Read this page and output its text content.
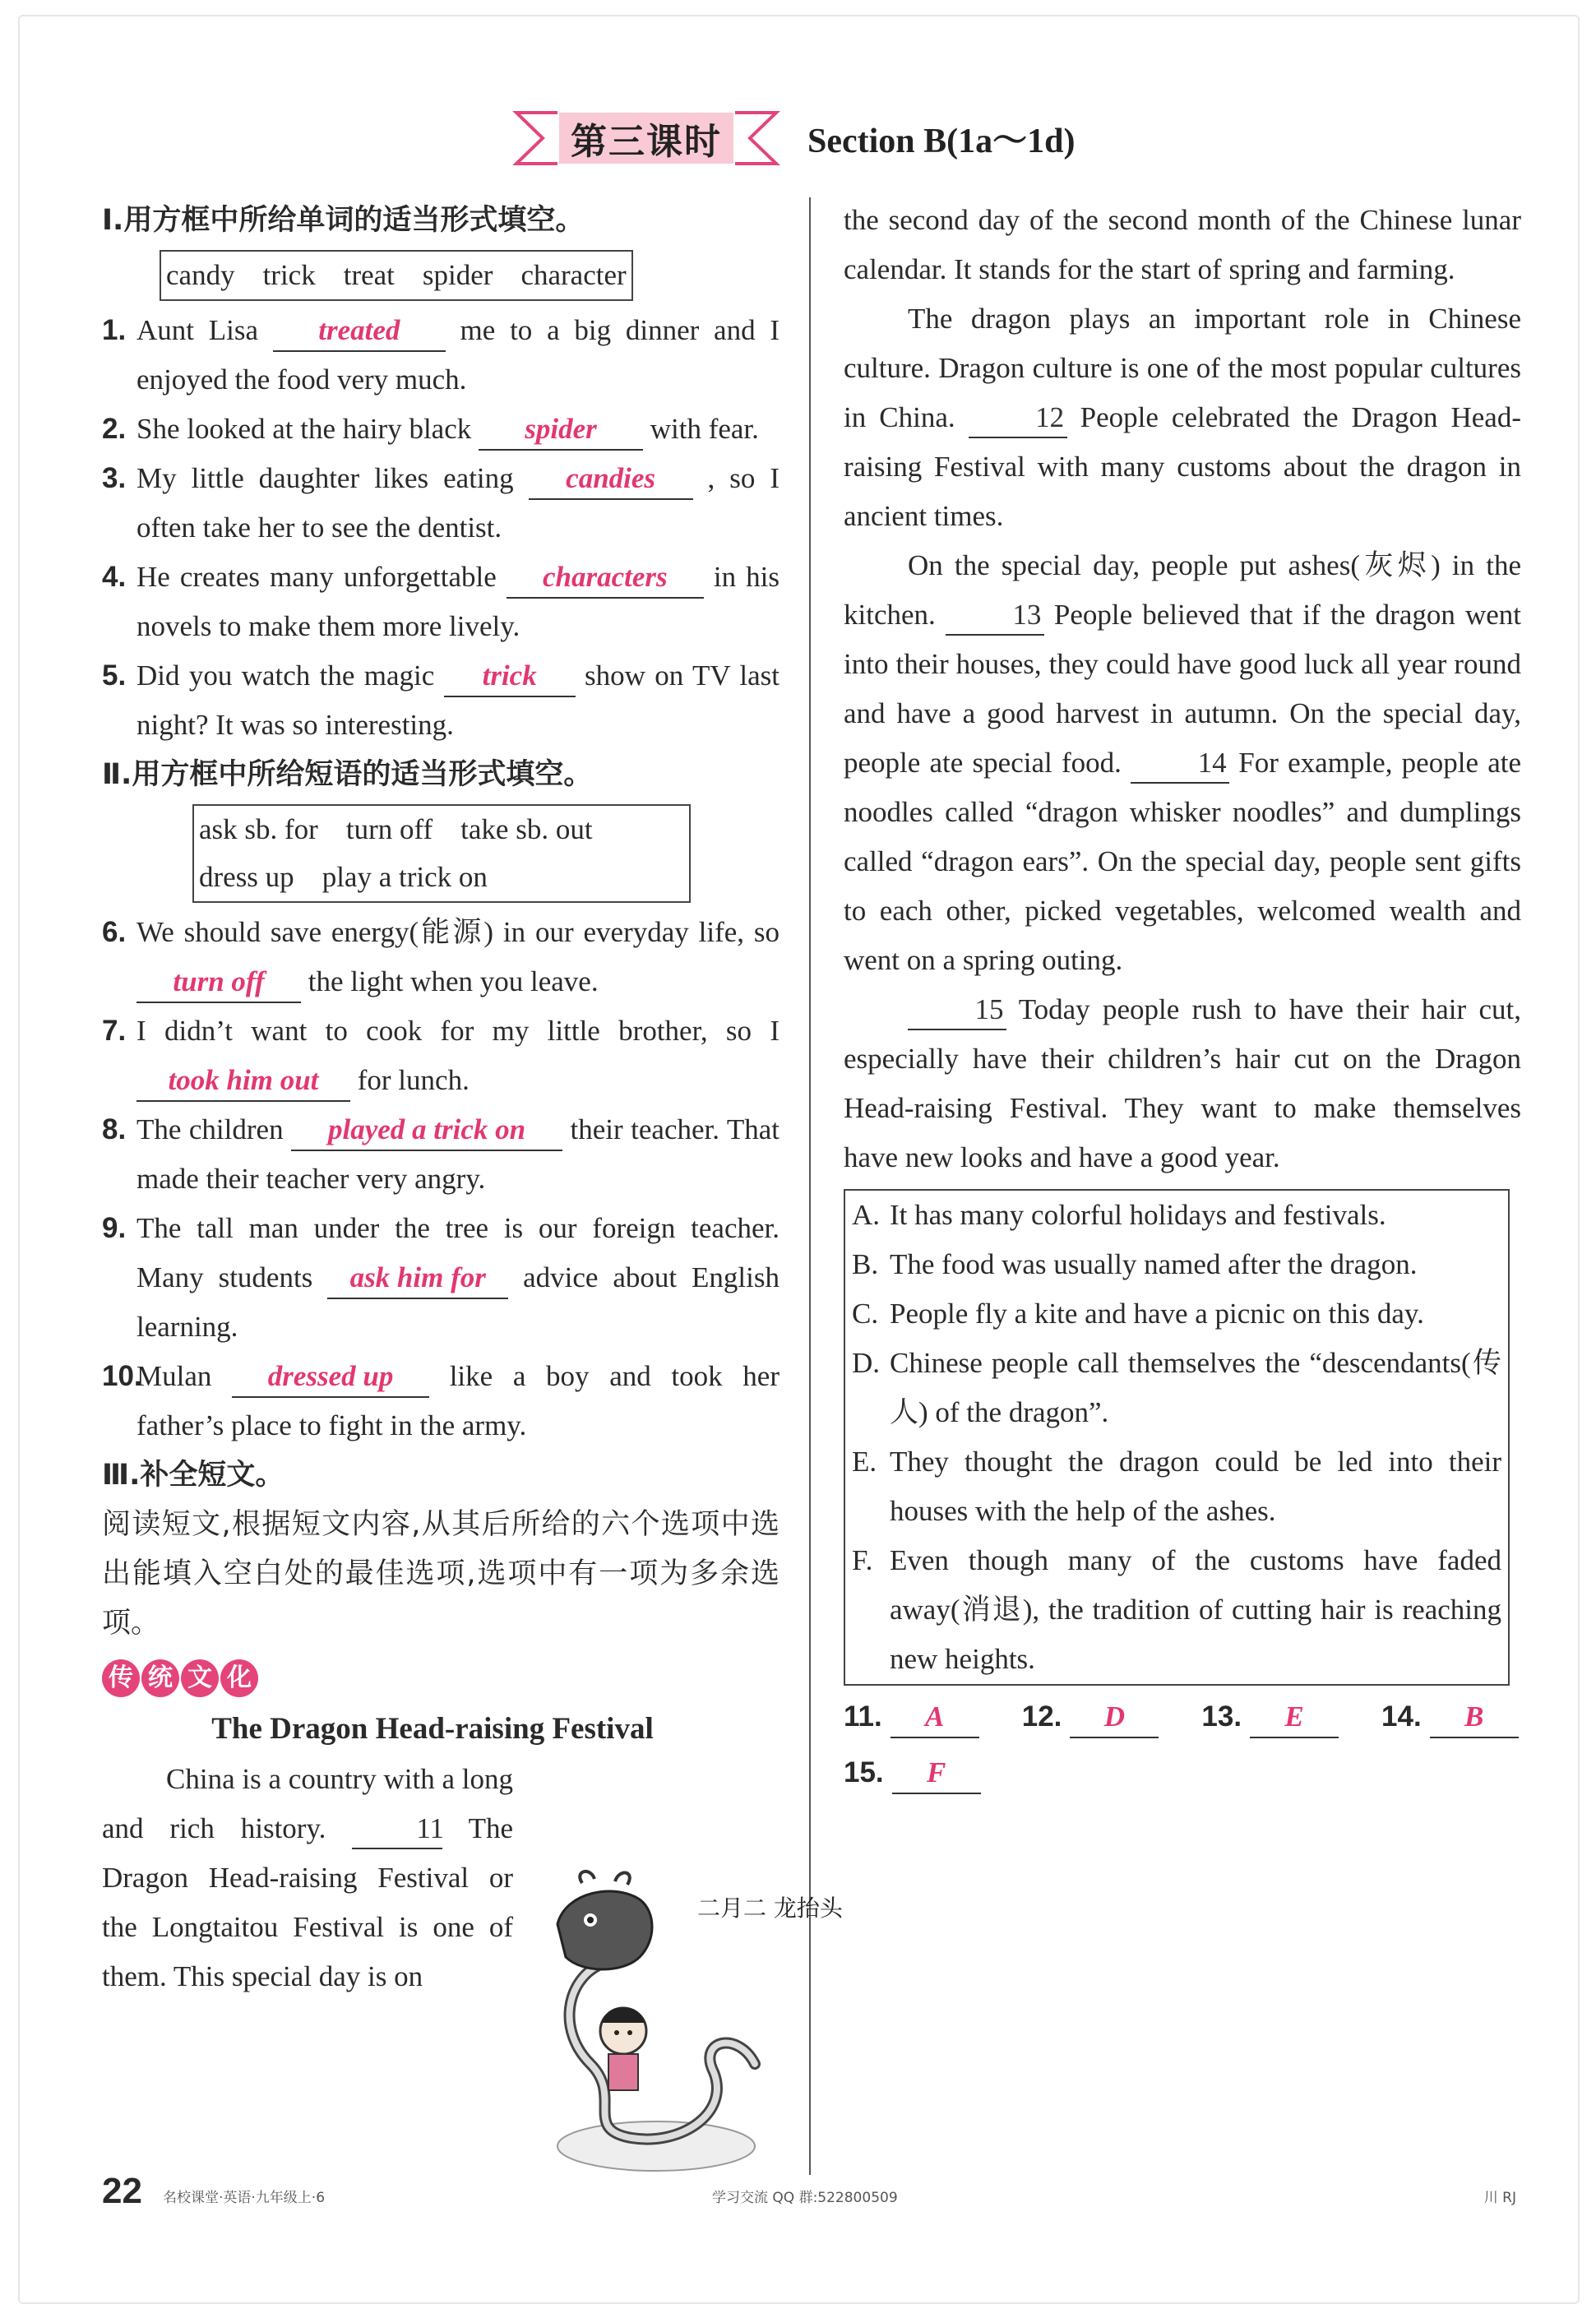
第三课时	Section B(1a～1d)
Ⅰ.用方框中所给单词的适当形式填空。
candy trick treat spider character
1. Aunt Lisa treated me to a big dinner and I enjoyed the food very much.
2. She looked at the hairy black spider with fear.
3. My little daughter likes eating candies , so I often take her to see the dentist.
4. He creates many unforgettable characters in his novels to make them more lively.
5. Did you watch the magic trick show on TV last night? It was so interesting.
Ⅱ.用方框中所给短语的适当形式填空。
ask sb. for turn off take sb. out
dress up play a trick on
6. We should save energy(能源) in our everyday life, so turn off the light when you leave.
7. I didn’t want to cook for my little brother, so I took him out for lunch.
8. The children played a trick on their teacher. That made their teacher very angry.
9. The tall man under the tree is our foreign teacher. Many students ask him for advice about English learning.
10.
Mulan dressed up like a boy and took her father’s place to fight in the army.
Ⅲ.补全短文。
阅读短文,根据短文内容,从其后所给的六个选项中选出能填入空白处的最佳选项,选项中有一项为多余选项。
传 统 文 化
The Dragon Head-raising Festival
China is a country with a long and rich history.	11 The Dragon Head-raising Festival or the Longtaitou Festival is one of them. This special day is on
二月二 龙抬头
the second day of the second month of the Chinese lunar calendar. It stands for the start of spring and farming.
The dragon plays an important role in Chinese culture. Dragon culture is one of the most popular cultures in China. 12 People celebrated the Dragon Head-raising Festival with many customs about the dragon in ancient times.
On the special day, people put ashes(灰烬) in the kitchen. 13 People believed that if the dragon went into their houses, they could have good luck all year round and have a good harvest in autumn. On the special day, people ate special food. 14 For example, people ate noodles called “dragon whisker noodles” and dumplings called “dragon ears”. On the special day, people sent gifts to each other, picked vegetables, welcomed wealth and went on a spring outing.
15 Today people rush to have their hair cut, especially have their children’s hair cut on the Dragon Head-raising Festival. They want to make themselves have new looks and have a good year.
A. It has many colorful holidays and festivals.
B. The food was usually named after the dragon.
C. People fly a kite and have a picnic on this day.
D. Chinese people call themselves the “descendants(传人) of the dragon”.
E. They thought the dragon could be led into their houses with the help of the ashes.
F. Even though many of the customs have faded away(消退), the tradition of cutting hair is reaching new heights.
11.	A	12.	D	13.	E	14.	B
15.	F
22 名校课堂·英语·九年级上·6	学习交流 QQ 群:522800509	川 RJ
